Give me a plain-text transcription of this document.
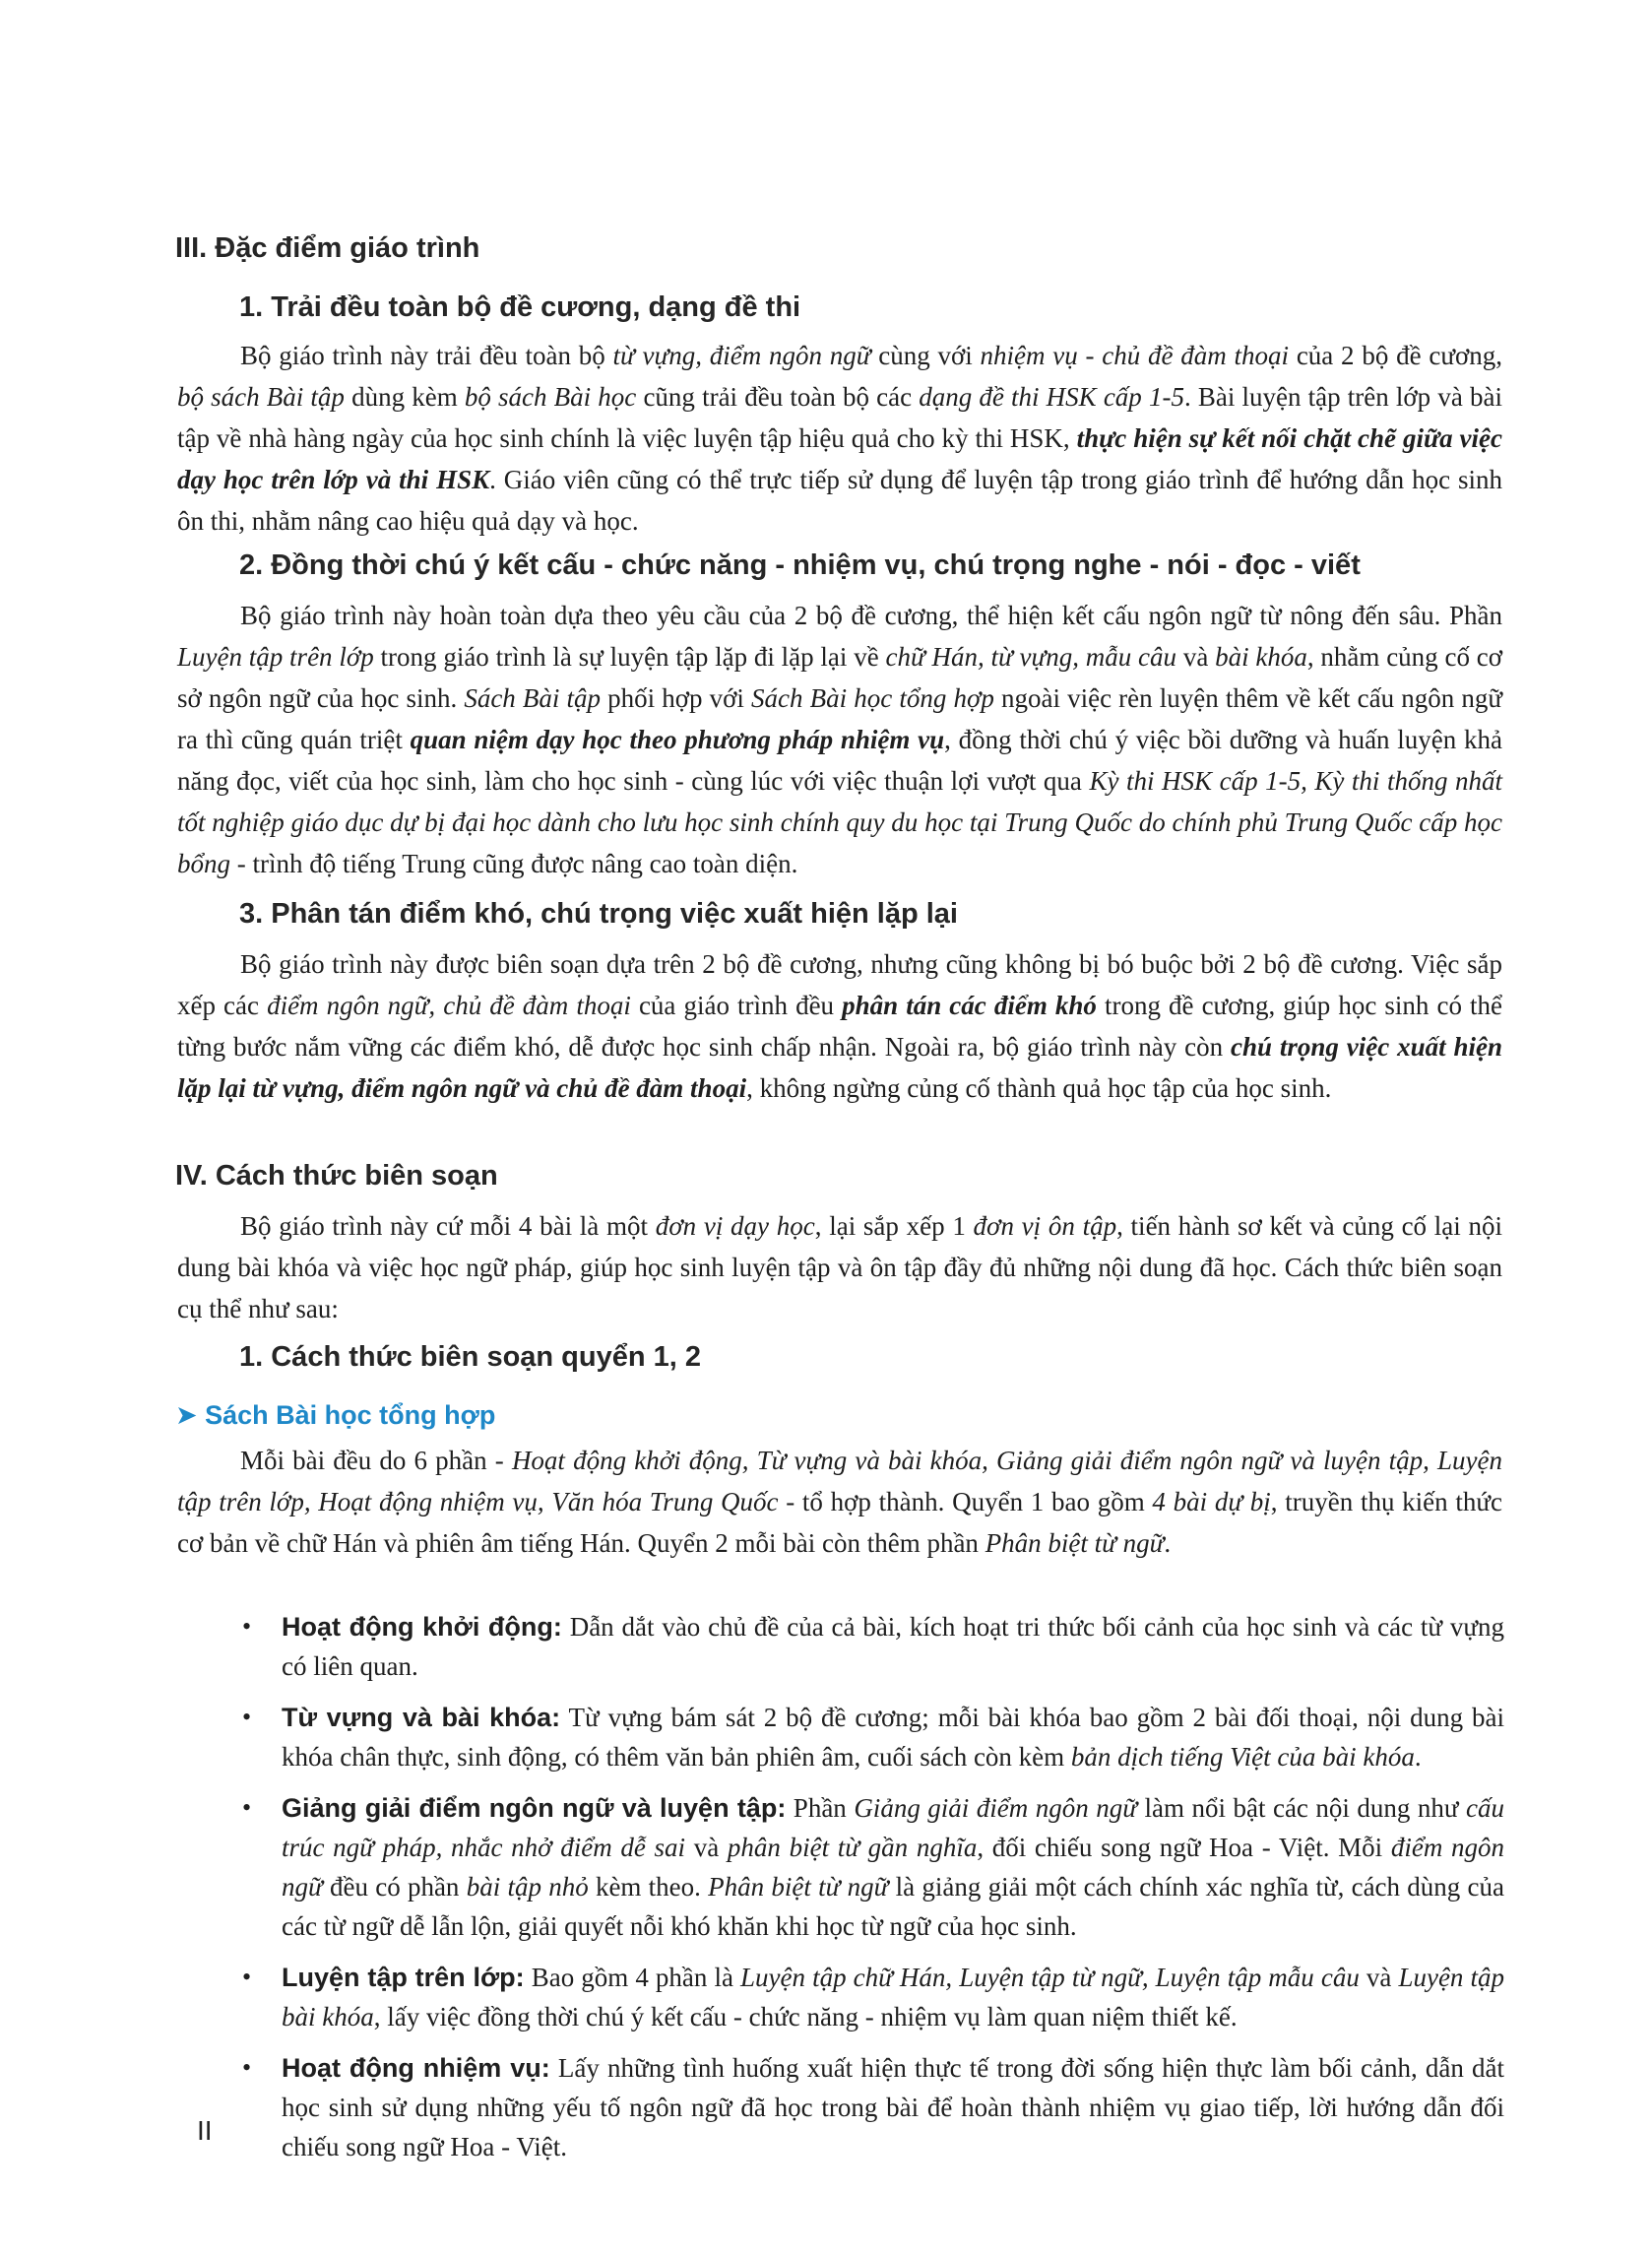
III. Đặc điểm giáo trình
1. Trải đều toàn bộ đề cương, dạng đề thi
Bộ giáo trình này trải đều toàn bộ từ vựng, điểm ngôn ngữ cùng với nhiệm vụ - chủ đề đàm thoại của 2 bộ đề cương, bộ sách Bài tập dùng kèm bộ sách Bài học cũng trải đều toàn bộ các dạng đề thi HSK cấp 1-5. Bài luyện tập trên lớp và bài tập về nhà hàng ngày của học sinh chính là việc luyện tập hiệu quả cho kỳ thi HSK, thực hiện sự kết nối chặt chẽ giữa việc dạy học trên lớp và thi HSK. Giáo viên cũng có thể trực tiếp sử dụng để luyện tập trong giáo trình để hướng dẫn học sinh ôn thi, nhằm nâng cao hiệu quả dạy và học.
2. Đồng thời chú ý kết cấu - chức năng - nhiệm vụ, chú trọng nghe - nói - đọc - viết
Bộ giáo trình này hoàn toàn dựa theo yêu cầu của 2 bộ đề cương, thể hiện kết cấu ngôn ngữ từ nông đến sâu. Phần Luyện tập trên lớp trong giáo trình là sự luyện tập lặp đi lặp lại về chữ Hán, từ vựng, mẫu câu và bài khóa, nhằm củng cố cơ sở ngôn ngữ của học sinh. Sách Bài tập phối hợp với Sách Bài học tổng hợp ngoài việc rèn luyện thêm về kết cấu ngôn ngữ ra thì cũng quán triệt quan niệm dạy học theo phương pháp nhiệm vụ, đồng thời chú ý việc bồi dưỡng và huấn luyện khả năng đọc, viết của học sinh, làm cho học sinh - cùng lúc với việc thuận lợi vượt qua Kỳ thi HSK cấp 1-5, Kỳ thi thống nhất tốt nghiệp giáo dục dự bị đại học dành cho lưu học sinh chính quy du học tại Trung Quốc do chính phủ Trung Quốc cấp học bổng - trình độ tiếng Trung cũng được nâng cao toàn diện.
3. Phân tán điểm khó, chú trọng việc xuất hiện lặp lại
Bộ giáo trình này được biên soạn dựa trên 2 bộ đề cương, nhưng cũng không bị bó buộc bởi 2 bộ đề cương. Việc sắp xếp các điểm ngôn ngữ, chủ đề đàm thoại của giáo trình đều phân tán các điểm khó trong đề cương, giúp học sinh có thể từng bước nắm vững các điểm khó, dễ được học sinh chấp nhận. Ngoài ra, bộ giáo trình này còn chú trọng việc xuất hiện lặp lại từ vựng, điểm ngôn ngữ và chủ đề đàm thoại, không ngừng củng cố thành quả học tập của học sinh.
IV. Cách thức biên soạn
Bộ giáo trình này cứ mỗi 4 bài là một đơn vị dạy học, lại sắp xếp 1 đơn vị ôn tập, tiến hành sơ kết và củng cố lại nội dung bài khóa và việc học ngữ pháp, giúp học sinh luyện tập và ôn tập đầy đủ những nội dung đã học. Cách thức biên soạn cụ thể như sau:
1. Cách thức biên soạn quyển 1, 2
➤ Sách Bài học tổng hợp
Mỗi bài đều do 6 phần - Hoạt động khởi động, Từ vựng và bài khóa, Giảng giải điểm ngôn ngữ và luyện tập, Luyện tập trên lớp, Hoạt động nhiệm vụ, Văn hóa Trung Quốc - tổ hợp thành. Quyển 1 bao gồm 4 bài dự bị, truyền thụ kiến thức cơ bản về chữ Hán và phiên âm tiếng Hán. Quyển 2 mỗi bài còn thêm phần Phân biệt từ ngữ.
• Hoạt động khởi động: Dẫn dắt vào chủ đề của cả bài, kích hoạt tri thức bối cảnh của học sinh và các từ vựng có liên quan.
• Từ vựng và bài khóa: Từ vựng bám sát 2 bộ đề cương; mỗi bài khóa bao gồm 2 bài đối thoại, nội dung bài khóa chân thực, sinh động, có thêm văn bản phiên âm, cuối sách còn kèm bản dịch tiếng Việt của bài khóa.
• Giảng giải điểm ngôn ngữ và luyện tập: Phần Giảng giải điểm ngôn ngữ làm nổi bật các nội dung như cấu trúc ngữ pháp, nhắc nhở điểm dễ sai và phân biệt từ gần nghĩa, đối chiếu song ngữ Hoa - Việt. Mỗi điểm ngôn ngữ đều có phần bài tập nhỏ kèm theo. Phân biệt từ ngữ là giảng giải một cách chính xác nghĩa từ, cách dùng của các từ ngữ dễ lẫn lộn, giải quyết nỗi khó khăn khi học từ ngữ của học sinh.
• Luyện tập trên lớp: Bao gồm 4 phần là Luyện tập chữ Hán, Luyện tập từ ngữ, Luyện tập mẫu câu và Luyện tập bài khóa, lấy việc đồng thời chú ý kết cấu - chức năng - nhiệm vụ làm quan niệm thiết kế.
• Hoạt động nhiệm vụ: Lấy những tình huống xuất hiện thực tế trong đời sống hiện thực làm bối cảnh, dẫn dắt học sinh sử dụng những yếu tố ngôn ngữ đã học trong bài để hoàn thành nhiệm vụ giao tiếp, lời hướng dẫn đối chiếu song ngữ Hoa - Việt.
II
